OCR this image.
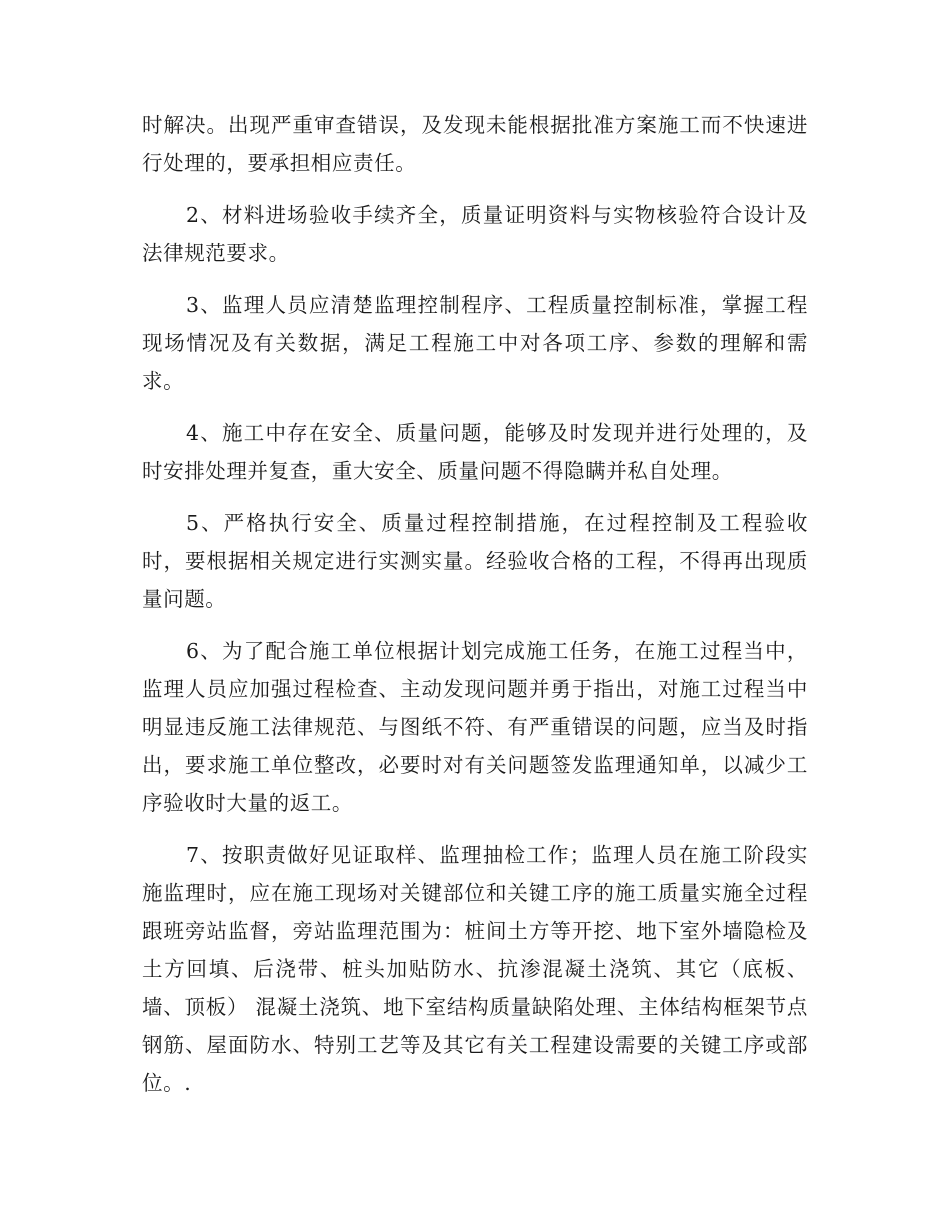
时解决。出现严重审查错误，及发现未能根据批准方案施工而不快速进行处理的，要承担相应责任。

2、材料进场验收手续齐全，质量证明资料与实物核验符合设计及法律规范要求。

3、监理人员应清楚监理控制程序、工程质量控制标准，掌握工程现场情况及有关数据，满足工程施工中对各项工序、参数的理解和需求。

4、施工中存在安全、质量问题，能够及时发现并进行处理的，及时安排处理并复查，重大安全、质量问题不得隐瞒并私自处理。

5、严格执行安全、质量过程控制措施，在过程控制及工程验收时，要根据相关规定进行实测实量。经验收合格的工程，不得再出现质量问题。

6、为了配合施工单位根据计划完成施工任务，在施工过程当中，监理人员应加强过程检查、主动发现问题并勇于指出，对施工过程当中明显违反施工法律规范、与图纸不符、有严重错误的问题，应当及时指出，要求施工单位整改，必要时对有关问题签发监理通知单，以减少工序验收时大量的返工。

7、按职责做好见证取样、监理抽检工作；监理人员在施工阶段实施监理时，应在施工现场对关键部位和关键工序的施工质量实施全过程跟班旁站监督，旁站监理范围为：桩间土方等开挖、地下室外墙隐检及土方回填、后浇带、桩头加贴防水、抗渗混凝土浇筑、其它（底板、墙、顶板） 混凝土浇筑、地下室结构质量缺陷处理、主体结构框架节点钢筋、屋面防水、特别工艺等及其它有关工程建设需要的关键工序或部位。.
